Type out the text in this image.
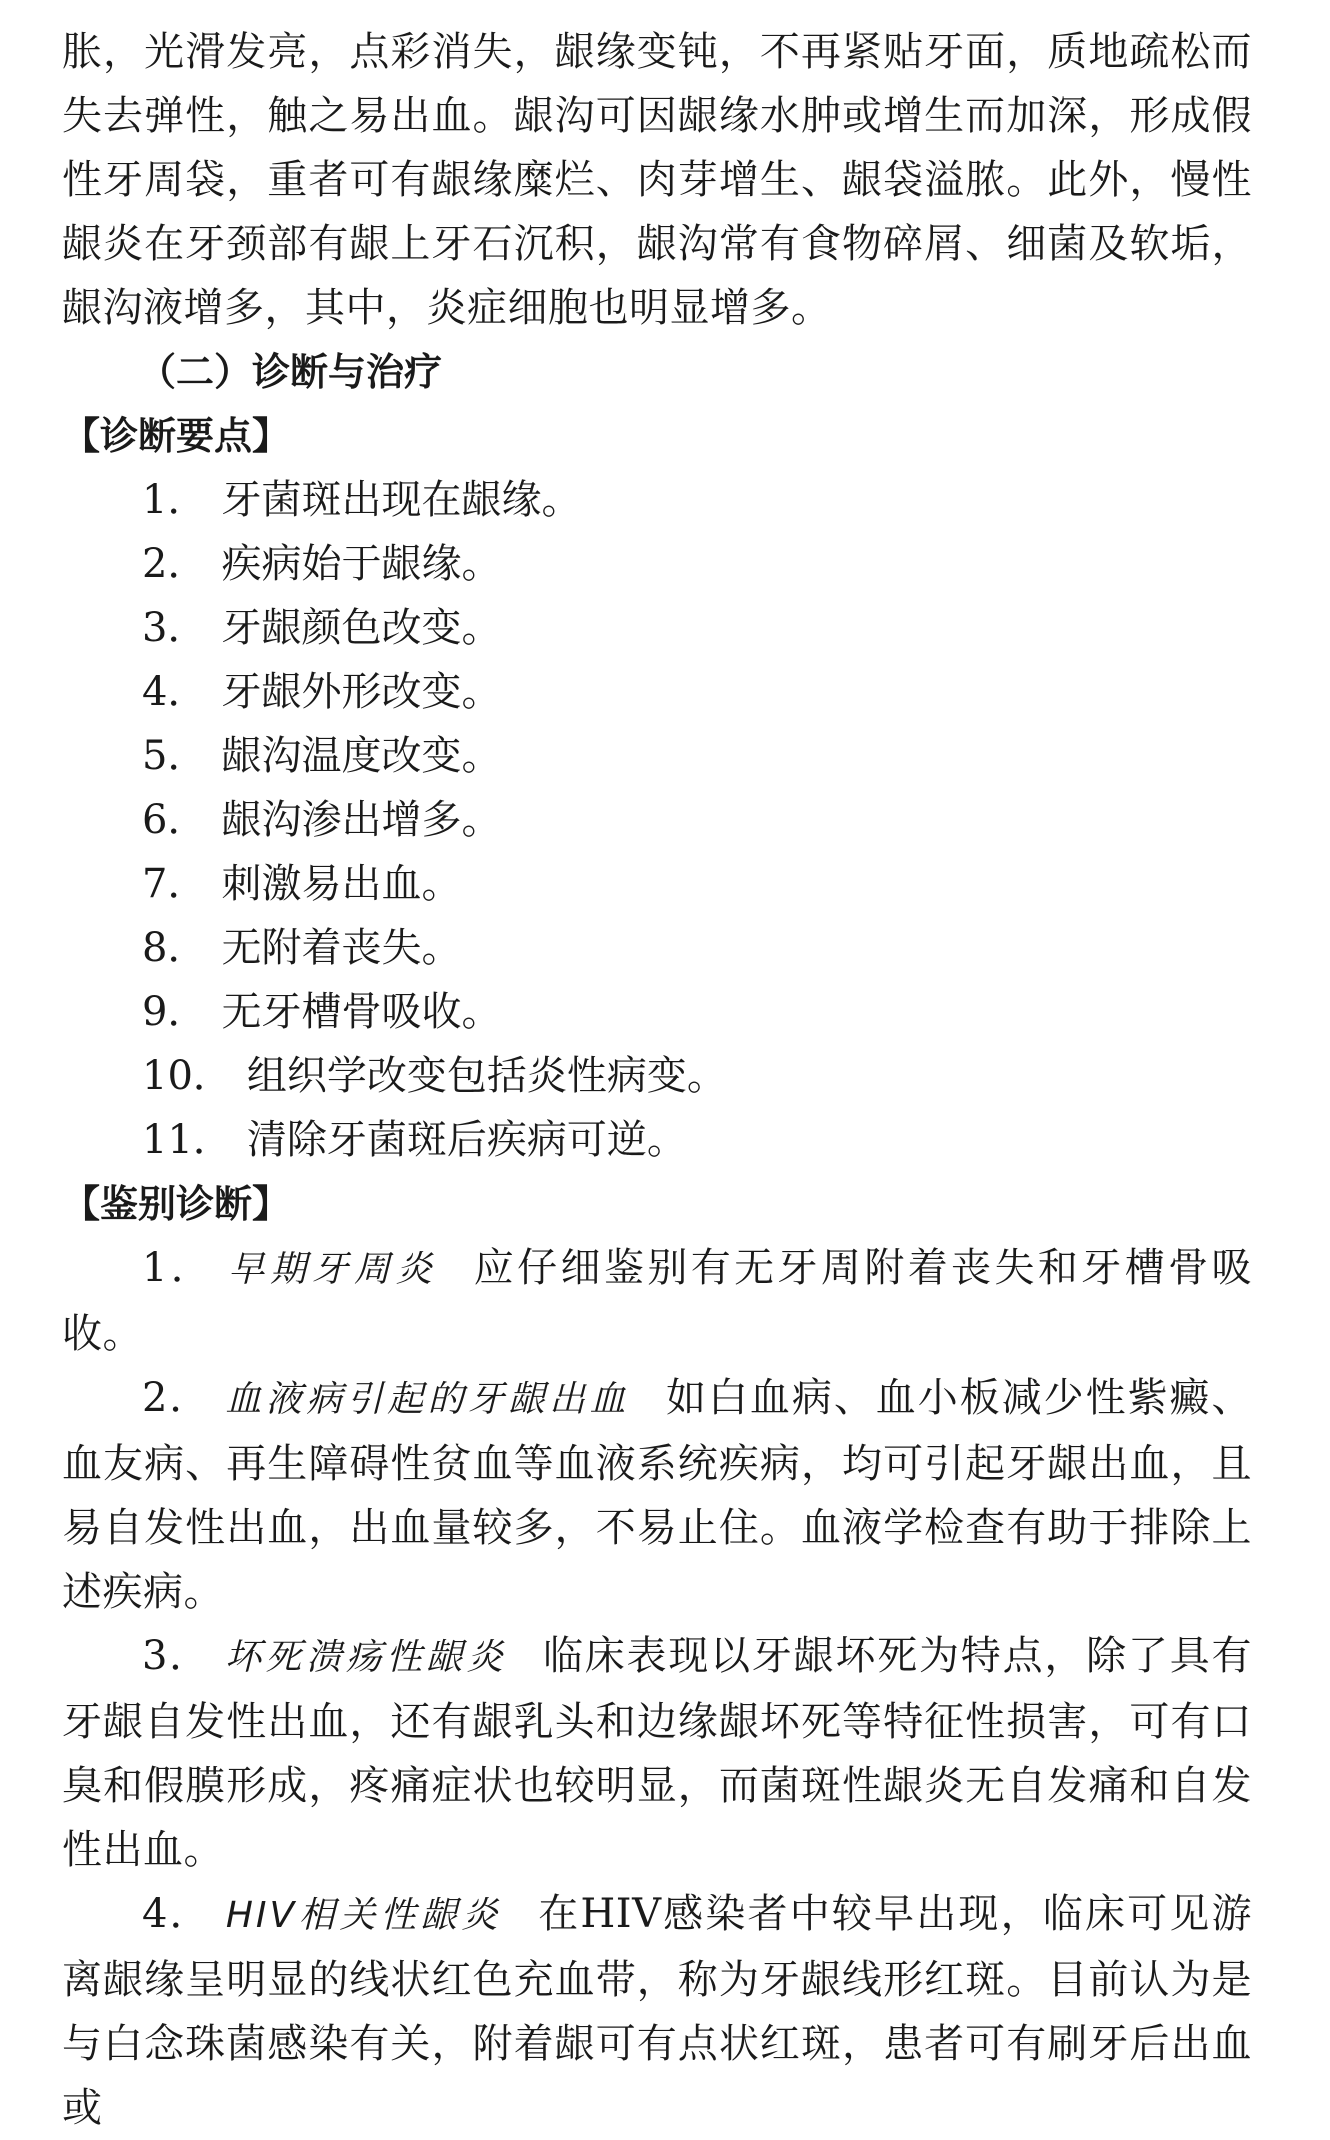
胀，光滑发亮，点彩消失，龈缘变钝，不再紧贴牙面，质地疏松而失去弹性，触之易出血。龈沟可因龈缘水肿或增生而加深，形成假性牙周袋，重者可有龈缘糜烂、肉芽增生、龈袋溢脓。此外，慢性龈炎在牙颈部有龈上牙石沉积，龈沟常有食物碎屑、细菌及软垢，龈沟液增多，其中，炎症细胞也明显增多。

（二）诊断与治疗

【诊断要点】

1． 牙菌斑出现在龈缘。

2． 疾病始于龈缘。

3． 牙龈颜色改变。

4． 牙龈外形改变。

5． 龈沟温度改变。

6． 龈沟渗出增多。

7． 刺激易出血。

8． 无附着丧失。

9． 无牙槽骨吸收。

10． 组织学改变包括炎性病变。

11． 清除牙菌斑后疾病可逆。

【鉴别诊断】

1． 早期牙周炎 应仔细鉴别有无牙周附着丧失和牙槽骨吸收。

2． 血液病引起的牙龈出血 如白血病、血小板减少性紫癜、血友病、再生障碍性贫血等血液系统疾病，均可引起牙龈出血，且易自发性出血，出血量较多，不易止住。血液学检查有助于排除上述疾病。

3． 坏死溃疡性龈炎 临床表现以牙龈坏死为特点，除了具有牙龈自发性出血，还有龈乳头和边缘龈坏死等特征性损害，可有口臭和假膜形成，疼痛症状也较明显，而菌斑性龈炎无自发痛和自发性出血。

4． HIV相关性龈炎 在HIV感染者中较早出现，临床可见游离龈缘呈明显的线状红色充血带，称为牙龈线形红斑。目前认为是与白念珠菌感染有关，附着龈可有点状红斑，患者可有刷牙后出血或
